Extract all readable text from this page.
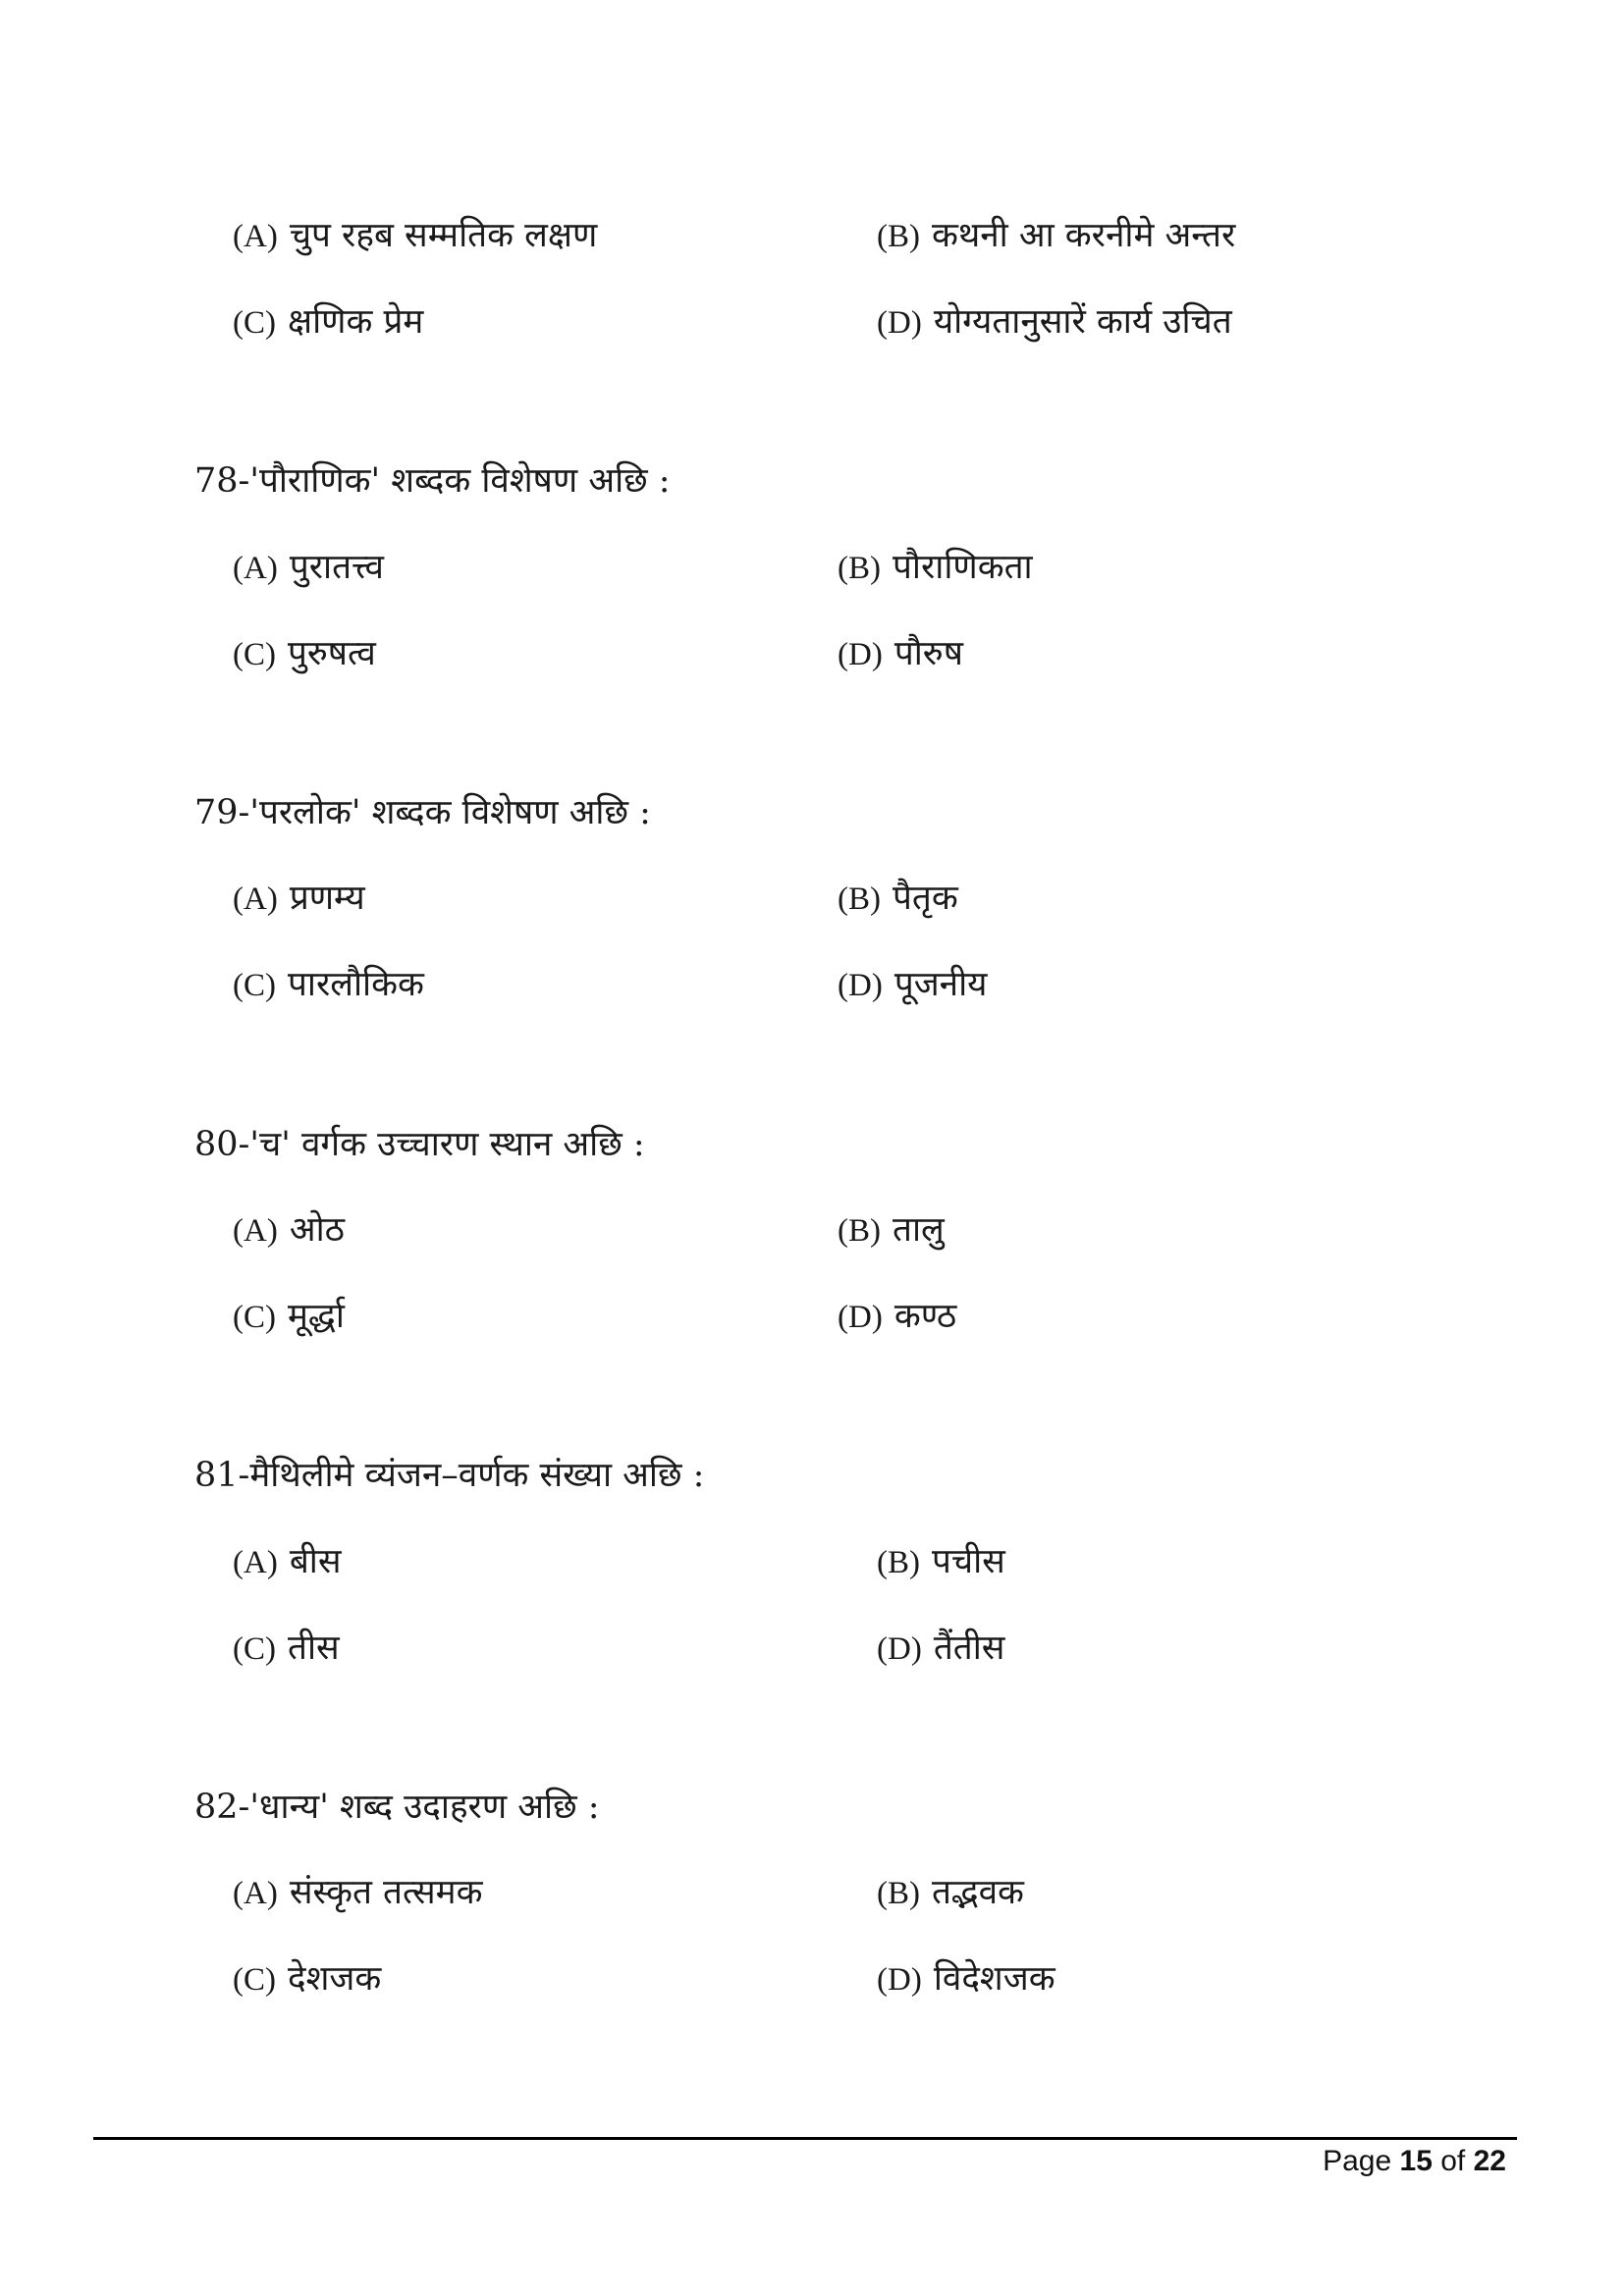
(A) चुप रहब सम्मतिक लक्षण	(B) कथनी आ करनीमे अन्तर
(C) क्षणिक प्रेम	(D) योग्यतानुसारें कार्य उचित
78-'पौराणिक' शब्दक विशेषण अछि :
(A) पुरातत्त्व	(B) पौराणिकता
(C) पुरुषत्व	(D) पौरुष
79-'परलोक' शब्दक विशेषण अछि :
(A) प्रणम्य	(B) पैतृक
(C) पारलौकिक	(D) पूजनीय
80-'च' वर्गक उच्चारण स्थान अछि :
(A) ओठ	(B) तालु
(C) मूर्द्धा	(D) कण्ठ
81-मैथिलीमे व्यंजन–वर्णक संख्या अछि :
(A) बीस	(B) पचीस
(C) तीस	(D) तैंतीस
82-'धान्य' शब्द उदाहरण अछि :
(A) संस्कृत तत्समक	(B) तद्भवक
(C) देशजक	(D) विदेशजक
Page 15 of 22
